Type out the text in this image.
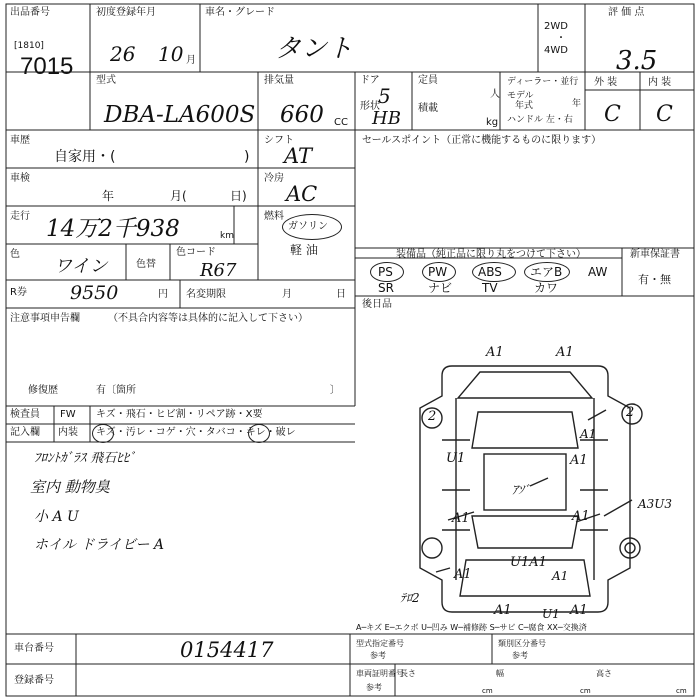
出品番号
[1810]
7015
初度登録年月
26 10 月
車名・グレード
タント
2WD
・
4WD
評 価 点
3.5
型式
DBA-LA600S
排気量
660 CC
ドア
5
形状
HB
定員
人
積載
kg
ディーラー・並行
モデル
年式	年
ハンドル 左・右
外 装	内 装
C C
車歴
自家用・(	)
シフト
AT
セールスポイント（正常に機能するものに限ります）
車検
年	月(	日)
冷房
AC
走行 14万2千938	km
燃料
ガソリン
軽 油
色
ワイン	色替
色コード
R67
装備品（純正品に限り丸をつけて下さい）	新車保証書
有・無
PS	PW	ABS エアB AW
SR	ナビ TV	カワ
後日品
R券 9550	円 名変期限	月	日
注意事項申告欄	（不具合内容等は具体的に記入して下さい）
修復歴	有〔箇所	〕
検査員
記入欄
FW キズ・飛石・ヒビ割・リペア跡・X要
内装 キズ・汚レ・コゲ・穴・タバコ・キレ・破レ
ﾌﾛﾝﾄｶﾞﾗｽ 飛石ﾋﾋﾞ
室内 動物臭
小 A U
ホイル ドライビー A
A1	A1
2	2
U1	A1
A1
A1
A3U3
A1
A1
U1A1
A1	A1
A1
U1
ﾃﾛ2
ｱｿﾞ
A─キズ E─エクボ U─凹み W─補修跡 S─サビ C─腐食 XX─交換済
車台番号	0154417
登録番号
型式指定番号
参考
類別区分番号
参考
車両証明番号
参考
長さ
cm
幅
cm
高さ
cm
